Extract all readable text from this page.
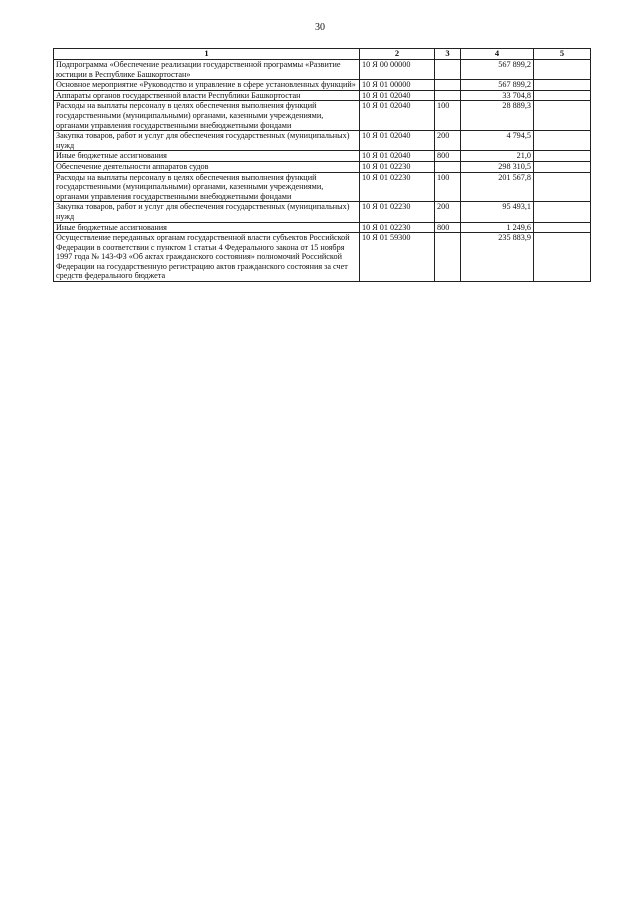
30
1	2	3	4	5
Подпрограмма «Обеспечение реализации государственной программы «Развитие юстиции в Республике Башкортостан»	10 Я 00 00000		567 899,2	
Основное мероприятие «Руководство и управление в сфере установленных функций»	10 Я 01 00000		567 899,2	
Аппараты органов государственной власти Республики Башкортостан	10 Я 01 02040		33 704,8	
Расходы на выплаты персоналу в целях обеспечения выполнения функций государственными (муниципальными) органами, казенными учреждениями, органами управления государственными внебюджетными фондами	10 Я 01 02040	100	28 889,3	
Закупка товаров, работ и услуг для обеспечения государственных (муниципальных) нужд	10 Я 01 02040	200	4 794,5	
Иные бюджетные ассигнования	10 Я 01 02040	800	21,0	
Обеспечение деятельности аппаратов судов	10 Я 01 02230		298 310,5	
Расходы на выплаты персоналу в целях обеспечения выполнения функций государственными (муниципальными) органами, казенными учреждениями, органами управления государственными внебюджетными фондами	10 Я 01 02230	100	201 567,8	
Закупка товаров, работ и услуг для обеспечения государственных (муниципальных) нужд	10 Я 01 02230	200	95 493,1	
Иные бюджетные ассигнования	10 Я 01 02230	800	1 249,6	
Осуществление переданных органам государственной власти субъектов Российской Федерации в соответствии с пунктом 1 статьи 4 Федерального закона от 15 ноября 1997 года № 143-ФЗ «Об актах гражданского состояния» полномочий Российской Федерации на государственную регистрацию актов гражданского состояния за счет средств федерального бюджета	10 Я 01 59300		235 883,9	
